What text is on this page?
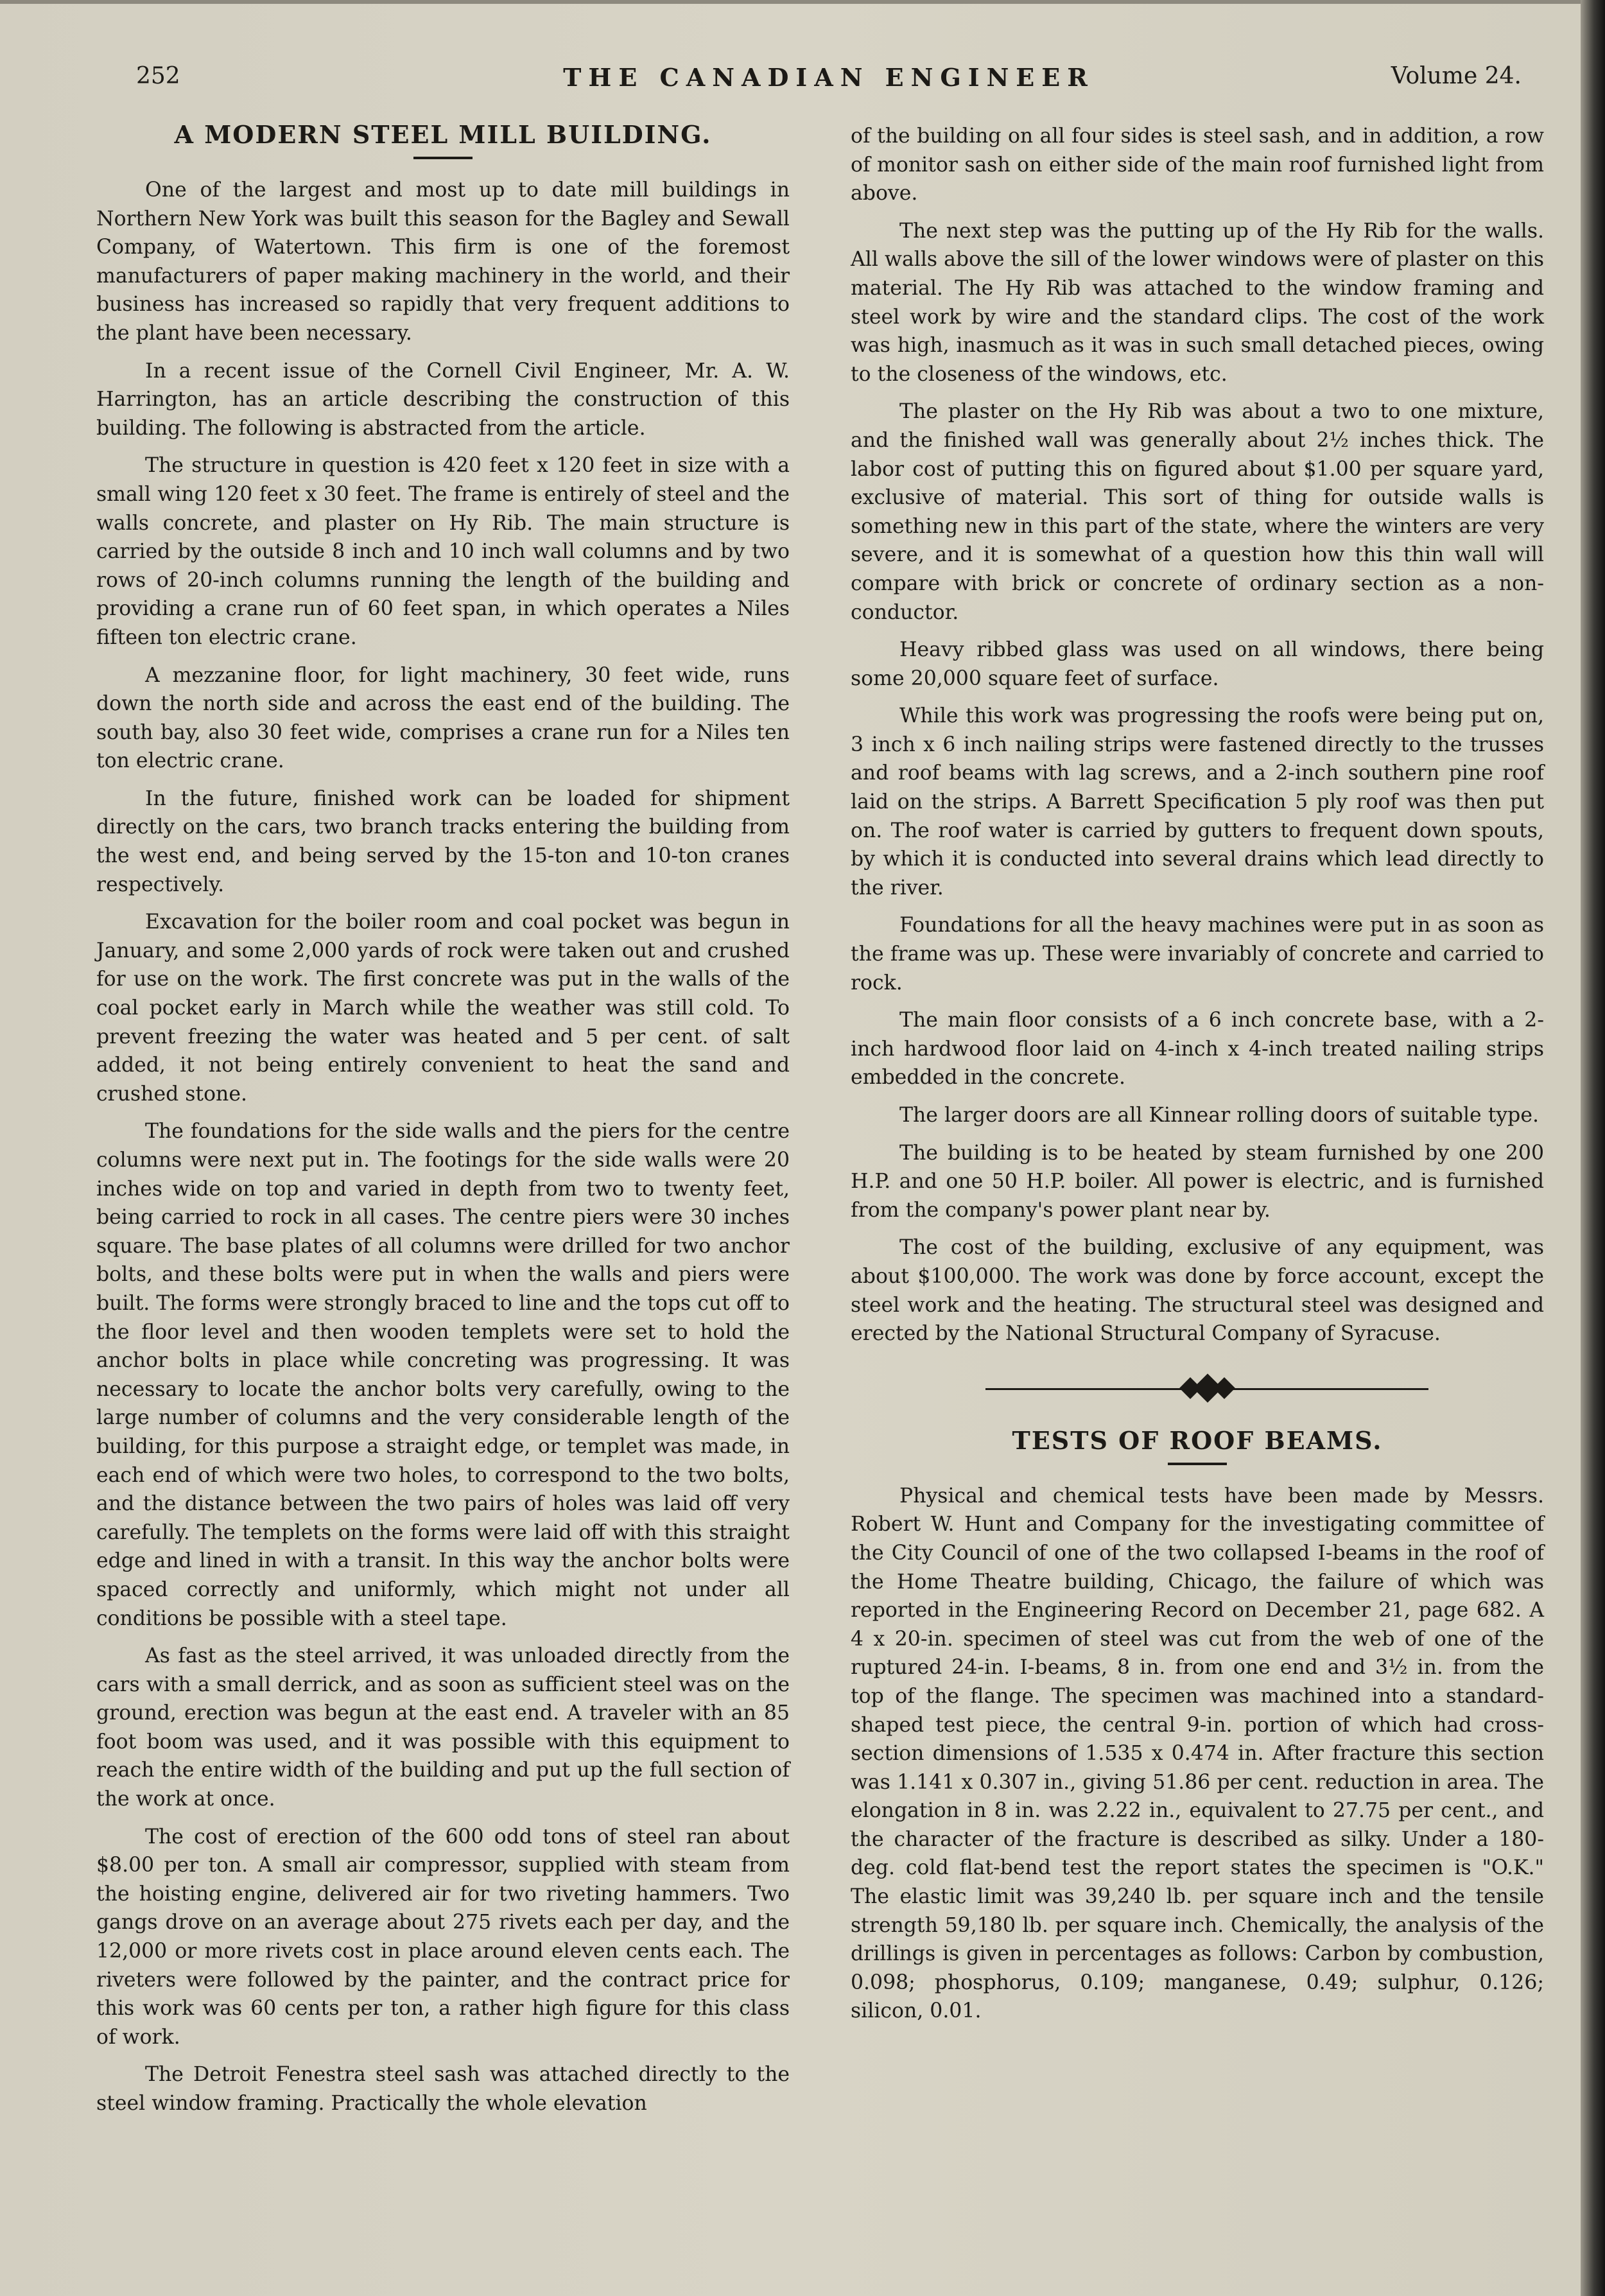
252	THE CANADIAN ENGINEER	Volume 24.
A MODERN STEEL MILL BUILDING.

One of the largest and most up to date mill buildings in Northern New York was built this season for the Bagley and Sewall Company, of Watertown. This firm is one of the foremost manufacturers of paper making machinery in the world, and their business has increased so rapidly that very frequent additions to the plant have been necessary.

In a recent issue of the Cornell Civil Engineer, Mr. A. W. Harrington, has an article describing the construction of this building. The following is abstracted from the article.

The structure in question is 420 feet x 120 feet in size with a small wing 120 feet x 30 feet. The frame is entirely of steel and the walls concrete, and plaster on Hy Rib. The main structure is carried by the outside 8 inch and 10 inch wall columns and by two rows of 20-inch columns running the length of the building and providing a crane run of 60 feet span, in which operates a Niles fifteen ton electric crane.

A mezzanine floor, for light machinery, 30 feet wide, runs down the north side and across the east end of the building. The south bay, also 30 feet wide, comprises a crane run for a Niles ten ton electric crane.

In the future, finished work can be loaded for shipment directly on the cars, two branch tracks entering the building from the west end, and being served by the 15-ton and 10-ton cranes respectively.

Excavation for the boiler room and coal pocket was begun in January, and some 2,000 yards of rock were taken out and crushed for use on the work. The first concrete was put in the walls of the coal pocket early in March while the weather was still cold. To prevent freezing the water was heated and 5 per cent. of salt added, it not being entirely convenient to heat the sand and crushed stone.

The foundations for the side walls and the piers for the centre columns were next put in. The footings for the side walls were 20 inches wide on top and varied in depth from two to twenty feet, being carried to rock in all cases. The centre piers were 30 inches square. The base plates of all columns were drilled for two anchor bolts, and these bolts were put in when the walls and piers were built. The forms were strongly braced to line and the tops cut off to the floor level and then wooden templets were set to hold the anchor bolts in place while concreting was progressing. It was necessary to locate the anchor bolts very carefully, owing to the large number of columns and the very considerable length of the building, for this purpose a straight edge, or templet was made, in each end of which were two holes, to correspond to the two bolts, and the distance between the two pairs of holes was laid off very carefully. The templets on the forms were laid off with this straight edge and lined in with a transit. In this way the anchor bolts were spaced correctly and uniformly, which might not under all conditions be possible with a steel tape.

As fast as the steel arrived, it was unloaded directly from the cars with a small derrick, and as soon as sufficient steel was on the ground, erection was begun at the east end. A traveler with an 85 foot boom was used, and it was possible with this equipment to reach the entire width of the building and put up the full section of the work at once.

The cost of erection of the 600 odd tons of steel ran about $8.00 per ton. A small air compressor, supplied with steam from the hoisting engine, delivered air for two riveting hammers. Two gangs drove on an average about 275 rivets each per day, and the 12,000 or more rivets cost in place around eleven cents each. The riveters were followed by the painter, and the contract price for this work was 60 cents per ton, a rather high figure for this class of work.

The Detroit Fenestra steel sash was attached directly to the steel window framing. Practically the whole elevation

of the building on all four sides is steel sash, and in addition, a row of monitor sash on either side of the main roof furnished light from above.

The next step was the putting up of the Hy Rib for the walls. All walls above the sill of the lower windows were of plaster on this material. The Hy Rib was attached to the window framing and steel work by wire and the standard clips. The cost of the work was high, inasmuch as it was in such small detached pieces, owing to the closeness of the windows, etc.

The plaster on the Hy Rib was about a two to one mixture, and the finished wall was generally about 2½ inches thick. The labor cost of putting this on figured about $1.00 per square yard, exclusive of material. This sort of thing for outside walls is something new in this part of the state, where the winters are very severe, and it is somewhat of a question how this thin wall will compare with brick or concrete of ordinary section as a non-conductor.

Heavy ribbed glass was used on all windows, there being some 20,000 square feet of surface.

While this work was progressing the roofs were being put on, 3 inch x 6 inch nailing strips were fastened directly to the trusses and roof beams with lag screws, and a 2-inch southern pine roof laid on the strips. A Barrett Specification 5 ply roof was then put on. The roof water is carried by gutters to frequent down spouts, by which it is conducted into several drains which lead directly to the river.

Foundations for all the heavy machines were put in as soon as the frame was up. These were invariably of concrete and carried to rock.

The main floor consists of a 6 inch concrete base, with a 2-inch hardwood floor laid on 4-inch x 4-inch treated nailing strips embedded in the concrete.

The larger doors are all Kinnear rolling doors of suitable type.

The building is to be heated by steam furnished by one 200 H.P. and one 50 H.P. boiler. All power is electric, and is furnished from the company's power plant near by.

The cost of the building, exclusive of any equipment, was about $100,000. The work was done by force account, except the steel work and the heating. The structural steel was designed and erected by the National Structural Company of Syracuse.

TESTS OF ROOF BEAMS.

Physical and chemical tests have been made by Messrs. Robert W. Hunt and Company for the investigating committee of the City Council of one of the two collapsed I-beams in the roof of the Home Theatre building, Chicago, the failure of which was reported in the Engineering Record on December 21, page 682. A 4 x 20-in. specimen of steel was cut from the web of one of the ruptured 24-in. I-beams, 8 in. from one end and 3½ in. from the top of the flange. The specimen was machined into a standard-shaped test piece, the central 9-in. portion of which had cross-section dimensions of 1.535 x 0.474 in. After fracture this section was 1.141 x 0.307 in., giving 51.86 per cent. reduction in area. The elongation in 8 in. was 2.22 in., equivalent to 27.75 per cent., and the character of the fracture is described as silky. Under a 180-deg. cold flat-bend test the report states the specimen is "O.K." The elastic limit was 39,240 lb. per square inch and the tensile strength 59,180 lb. per square inch. Chemically, the analysis of the drillings is given in percentages as follows: Carbon by combustion, 0.098; phosphorus, 0.109; manganese, 0.49; sulphur, 0.126; silicon, 0.01.
